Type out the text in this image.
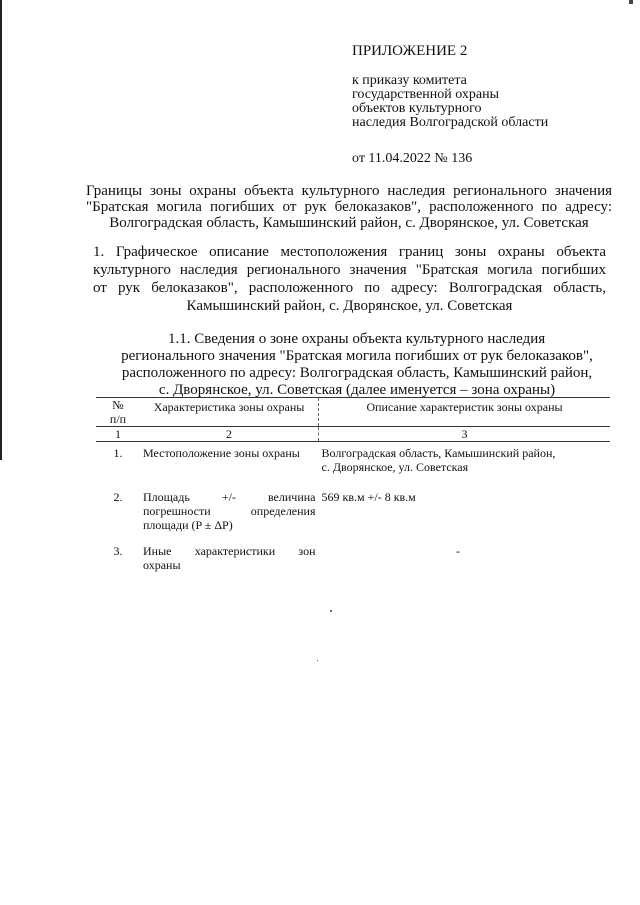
ПРИЛОЖЕНИЕ 2
к приказу комитета
государственной охраны
объектов культурного
наследия Волгоградской области
от 11.04.2022 № 136
Границы зоны охраны объекта культурного наследия регионального значения
"Братская могила погибших от рук белоказаков", расположенного по адресу:
Волгоградская область, Камышинский район, с. Дворянское, ул. Советская
1. Графическое описание местоположения границ зоны охраны объекта
культурного наследия регионального значения "Братская могила погибших
от рук белоказаков", расположенного по адресу: Волгоградская область,
Камышинский район, с. Дворянское, ул. Советская
1.1. Сведения о зоне охраны объекта культурного наследия
регионального значения "Братская могила погибших от рук белоказаков",
расположенного по адресу: Волгоградская область, Камышинский район,
с. Дворянское, ул. Советская (далее именуется – зона охраны)
№
п/п	Характеристика зоны охраны	Описание характеристик зоны охраны
1	2	3
1.	Местоположение зоны охраны	Волгоградская область, Камышинский район,
с. Дворянское, ул. Советская
2.	Площадь +/- величина погрешности определения
площади (P ± ΔP)	569 кв.м +/- 8 кв.м
3.	Иные характеристики зон
охраны	-
